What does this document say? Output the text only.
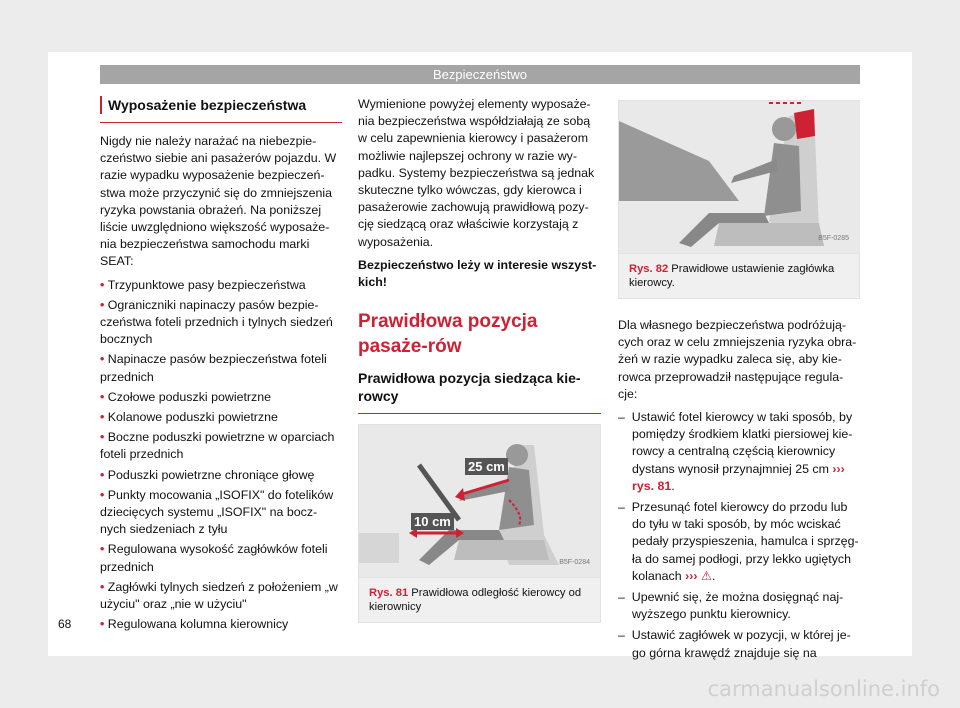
Bezpieczeństwo
Wyposażenie bezpieczeństwa

Nigdy nie należy narażać na niebezpie-czeństwo siebie ani pasażerów pojazdu. W razie wypadku wyposażenie bezpieczeń-stwa może przyczynić się do zmniejszenia ryzyka powstania obrażeń. Na poniższej liście uwzględniono większość wyposaże-nia bezpieczeństwa samochodu marki SEAT:

• Trzypunktowe pasy bezpieczeństwa
• Ograniczniki napinaczy pasów bezpie-czeństwa foteli przednich i tylnych siedzeń bocznych
• Napinacze pasów bezpieczeństwa foteli przednich
• Czołowe poduszki powietrzne
• Kolanowe poduszki powietrzne
• Boczne poduszki powietrzne w oparciach foteli przednich
• Poduszki powietrzne chroniące głowę
• Punkty mocowania „ISOFIX" do fotelików dziecięcych systemu „ISOFIX" na bocz-nych siedzeniach z tyłu
• Regulowana wysokość zagłówków foteli przednich
• Zagłówki tylnych siedzeń z położeniem „w użyciu" oraz „nie w użyciu"
• Regulowana kolumna kierownicy

Wymienione powyżej elementy wyposaże-nia bezpieczeństwa współdziałają ze sobą w celu zapewnienia kierowcy i pasażerom możliwie najlepszej ochrony w razie wy-padku. Systemy bezpieczeństwa są jednak skuteczne tylko wówczas, gdy kierowca i pasażerowie zachowują prawidłową pozy-cję siedzącą oraz właściwie korzystają z wyposażenia.

Bezpieczeństwo leży w interesie wszyst-kich!

Prawidłowa pozycja pasaże-rów
Prawidłowa pozycja siedząca kie-rowcy
25 cm
10 cm
B5F-0284
Rys. 81 Prawidłowa odległość kierowcy od kierownicy
B5F-0285
Rys. 82 Prawidłowe ustawienie zagłówka kierowcy.

Dla własnego bezpieczeństwa podróżują-cych oraz w celu zmniejszenia ryzyka obra-żeń w razie wypadku zaleca się, aby kie-rowca przeprowadził następujące regula-cje:

–  Ustawić fotel kierowcy w taki sposób, by pomiędzy środkiem klatki piersiowej kie-rowcy a centralną częścią kierownicy dystans wynosił przynajmniej 25 cm ››› rys. 81.
–  Przesunąć fotel kierowcy do przodu lub do tyłu w taki sposób, by móc wciskać pedały przyspieszenia, hamulca i sprzęg-ła do samej podłogi, przy lekko ugiętych kolanach ››› ⚠.
–  Upewnić się, że można dosięgnąć naj-wyższego punktu kierownicy.
–  Ustawić zagłówek w pozycji, w której je-go górna krawędź znajduje się na
68
carmanualsonline.info
